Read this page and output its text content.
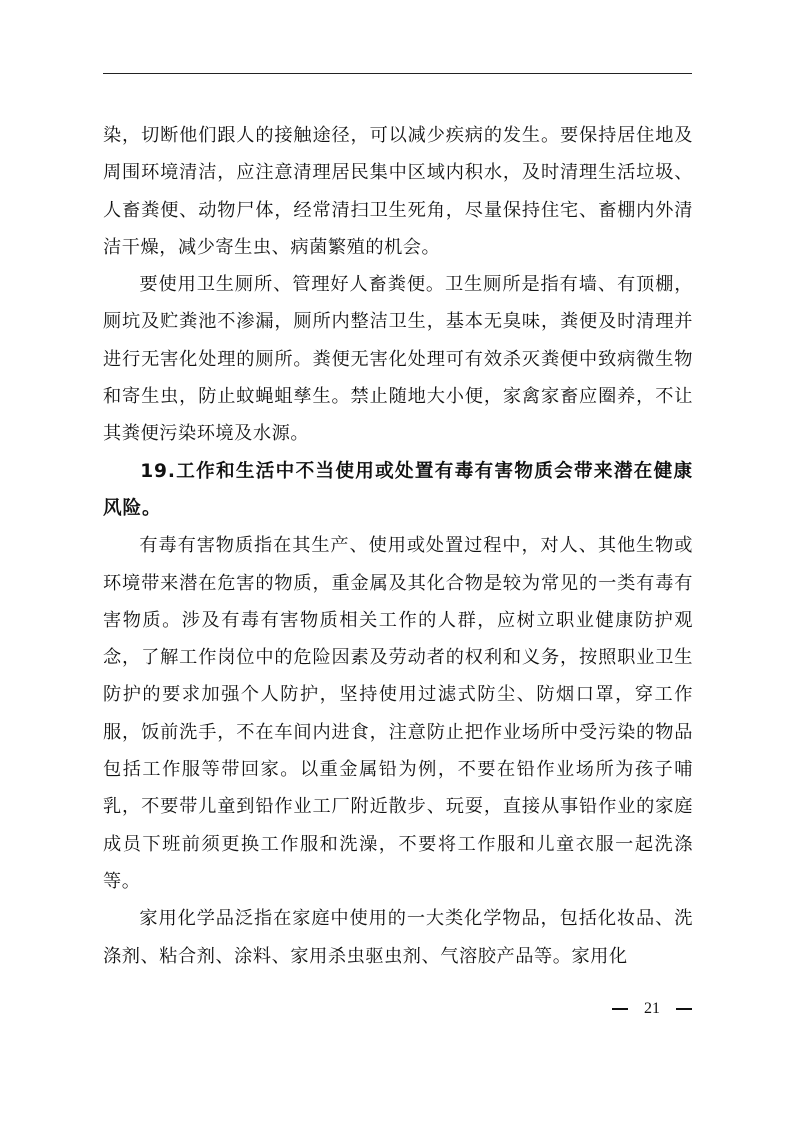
染，切断他们跟人的接触途径，可以减少疾病的发生。要保持居住地及周围环境清洁，应注意清理居民集中区域内积水，及时清理生活垃圾、人畜粪便、动物尸体，经常清扫卫生死角，尽量保持住宅、畜棚内外清洁干燥，减少寄生虫、病菌繁殖的机会。

要使用卫生厕所、管理好人畜粪便。卫生厕所是指有墙、有顶棚，厕坑及贮粪池不渗漏，厕所内整洁卫生，基本无臭味，粪便及时清理并进行无害化处理的厕所。粪便无害化处理可有效杀灭粪便中致病微生物和寄生虫，防止蚊蝇蛆孳生。禁止随地大小便，家禽家畜应圈养，不让其粪便污染环境及水源。

19.工作和生活中不当使用或处置有毒有害物质会带来潜在健康风险。

有毒有害物质指在其生产、使用或处置过程中，对人、其他生物或环境带来潜在危害的物质，重金属及其化合物是较为常见的一类有毒有害物质。涉及有毒有害物质相关工作的人群，应树立职业健康防护观念，了解工作岗位中的危险因素及劳动者的权利和义务，按照职业卫生防护的要求加强个人防护，坚持使用过滤式防尘、防烟口罩，穿工作服，饭前洗手，不在车间内进食，注意防止把作业场所中受污染的物品包括工作服等带回家。以重金属铅为例，不要在铅作业场所为孩子哺乳，不要带儿童到铅作业工厂附近散步、玩耍，直接从事铅作业的家庭成员下班前须更换工作服和洗澡，不要将工作服和儿童衣服一起洗涤等。

家用化学品泛指在家庭中使用的一大类化学物品，包括化妆品、洗涤剂、粘合剂、涂料、家用杀虫驱虫剂、气溶胶产品等。家用化

21
